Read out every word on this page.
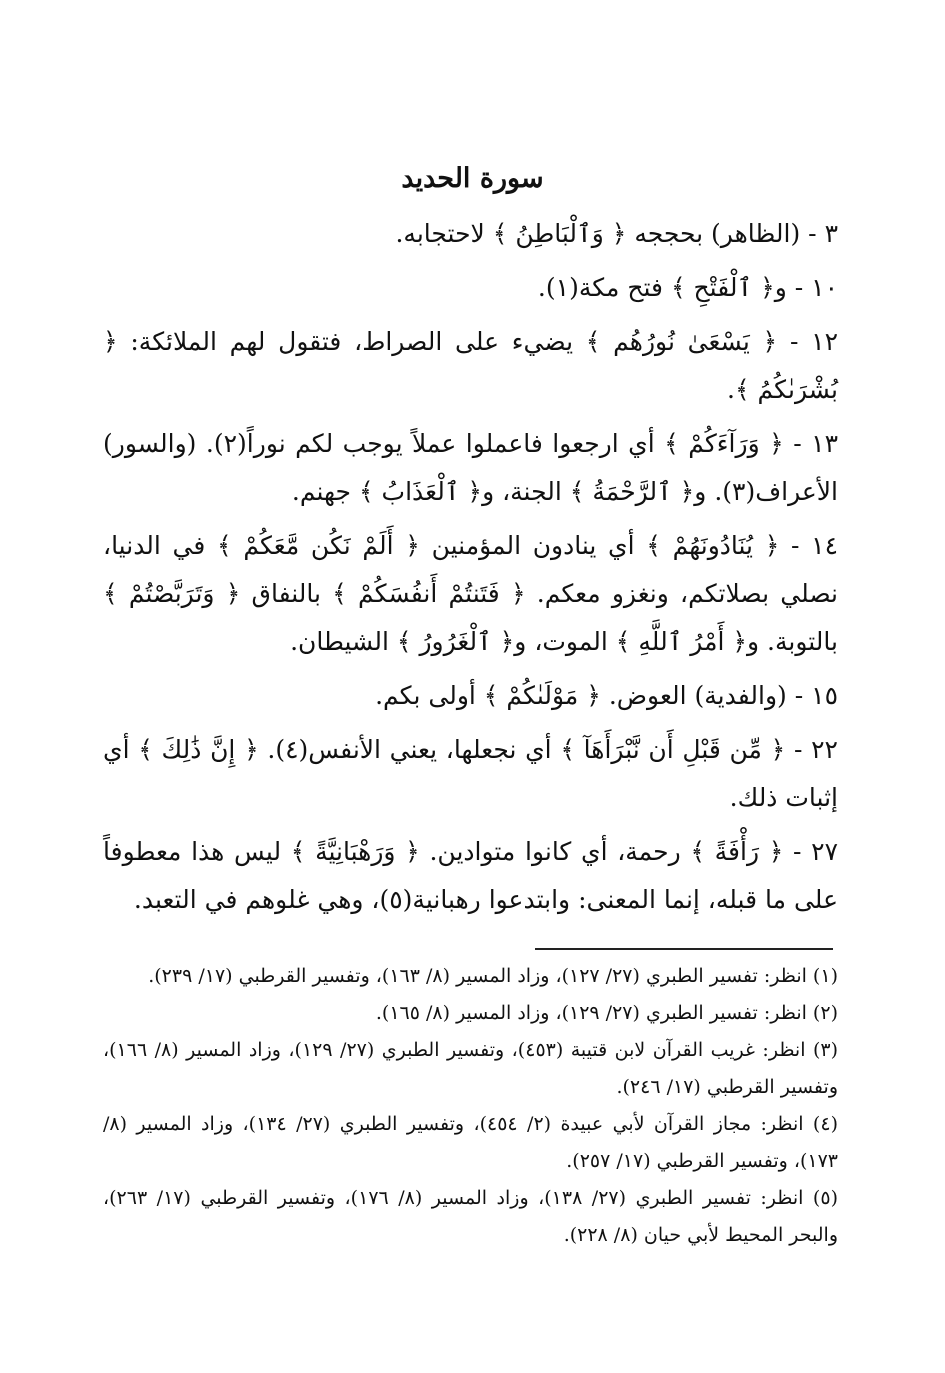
سورة الحديد

٣ - (الظاهر) بحججه ﴿ وَٱلْبَاطِنُ ﴾ لاحتجابه.

١٠ - و﴿ ٱلْفَتْحِ ﴾ فتح مكة(١).

١٢ - ﴿ يَسْعَىٰ نُورُهُم ﴾ يضيء على الصراط، فتقول لهم الملائكة: ﴿ بُشْرَىٰكُمُ ﴾.

١٣ - ﴿ وَرَآءَكُمْ ﴾ أي ارجعوا فاعملوا عملاً يوجب لكم نوراً(٢). (والسور) الأعراف(٣). و﴿ ٱلرَّحْمَةُ ﴾ الجنة، و﴿ ٱلْعَذَابُ ﴾ جهنم.

١٤ - ﴿ يُنَادُونَهُمْ ﴾ أي ينادون المؤمنين ﴿ أَلَمْ نَكُن مَّعَكُمْ ﴾ في الدنيا، نصلي بصلاتكم، ونغزو معكم. ﴿ فَتَنتُمْ أَنفُسَكُمْ ﴾ بالنفاق ﴿ وَتَرَبَّصْتُمْ ﴾ بالتوبة. و﴿ أَمْرُ ٱللَّهِ ﴾ الموت، و﴿ ٱلْغَرُورُ ﴾ الشيطان.

١٥ - (والفدية) العوض. ﴿ مَوْلَىٰكُمْ ﴾ أولى بكم.

٢٢ - ﴿ مِّن قَبْلِ أَن نَّبْرَأَهَآ ﴾ أي نجعلها، يعني الأنفس(٤). ﴿ إِنَّ ذَٰلِكَ ﴾ أي إثبات ذلك.

٢٧ - ﴿ رَأْفَةً ﴾ رحمة، أي كانوا متوادين. ﴿ وَرَهْبَانِيَّةً ﴾ ليس هذا معطوفاً على ما قبله، إنما المعنى: وابتدعوا رهبانية(٥)، وهي غلوهم في التعبد.

(١) انظر: تفسير الطبري (٢٧/ ١٢٧)، وزاد المسير (٨/ ١٦٣)، وتفسير القرطبي (١٧/ ٢٣٩).

(٢) انظر: تفسير الطبري (٢٧/ ١٢٩)، وزاد المسير (٨/ ١٦٥).

(٣) انظر: غريب القرآن لابن قتيبة (٤٥٣)، وتفسير الطبري (٢٧/ ١٢٩)، وزاد المسير (٨/ ١٦٦)، وتفسير القرطبي (١٧/ ٢٤٦).

(٤) انظر: مجاز القرآن لأبي عبيدة (٢/ ٤٥٤)، وتفسير الطبري (٢٧/ ١٣٤)، وزاد المسير (٨/ ١٧٣)، وتفسير القرطبي (١٧/ ٢٥٧).

(٥) انظر: تفسير الطبري (٢٧/ ١٣٨)، وزاد المسير (٨/ ١٧٦)، وتفسير القرطبي (١٧/ ٢٦٣)، والبحر المحيط لأبي حيان (٨/ ٢٢٨).
